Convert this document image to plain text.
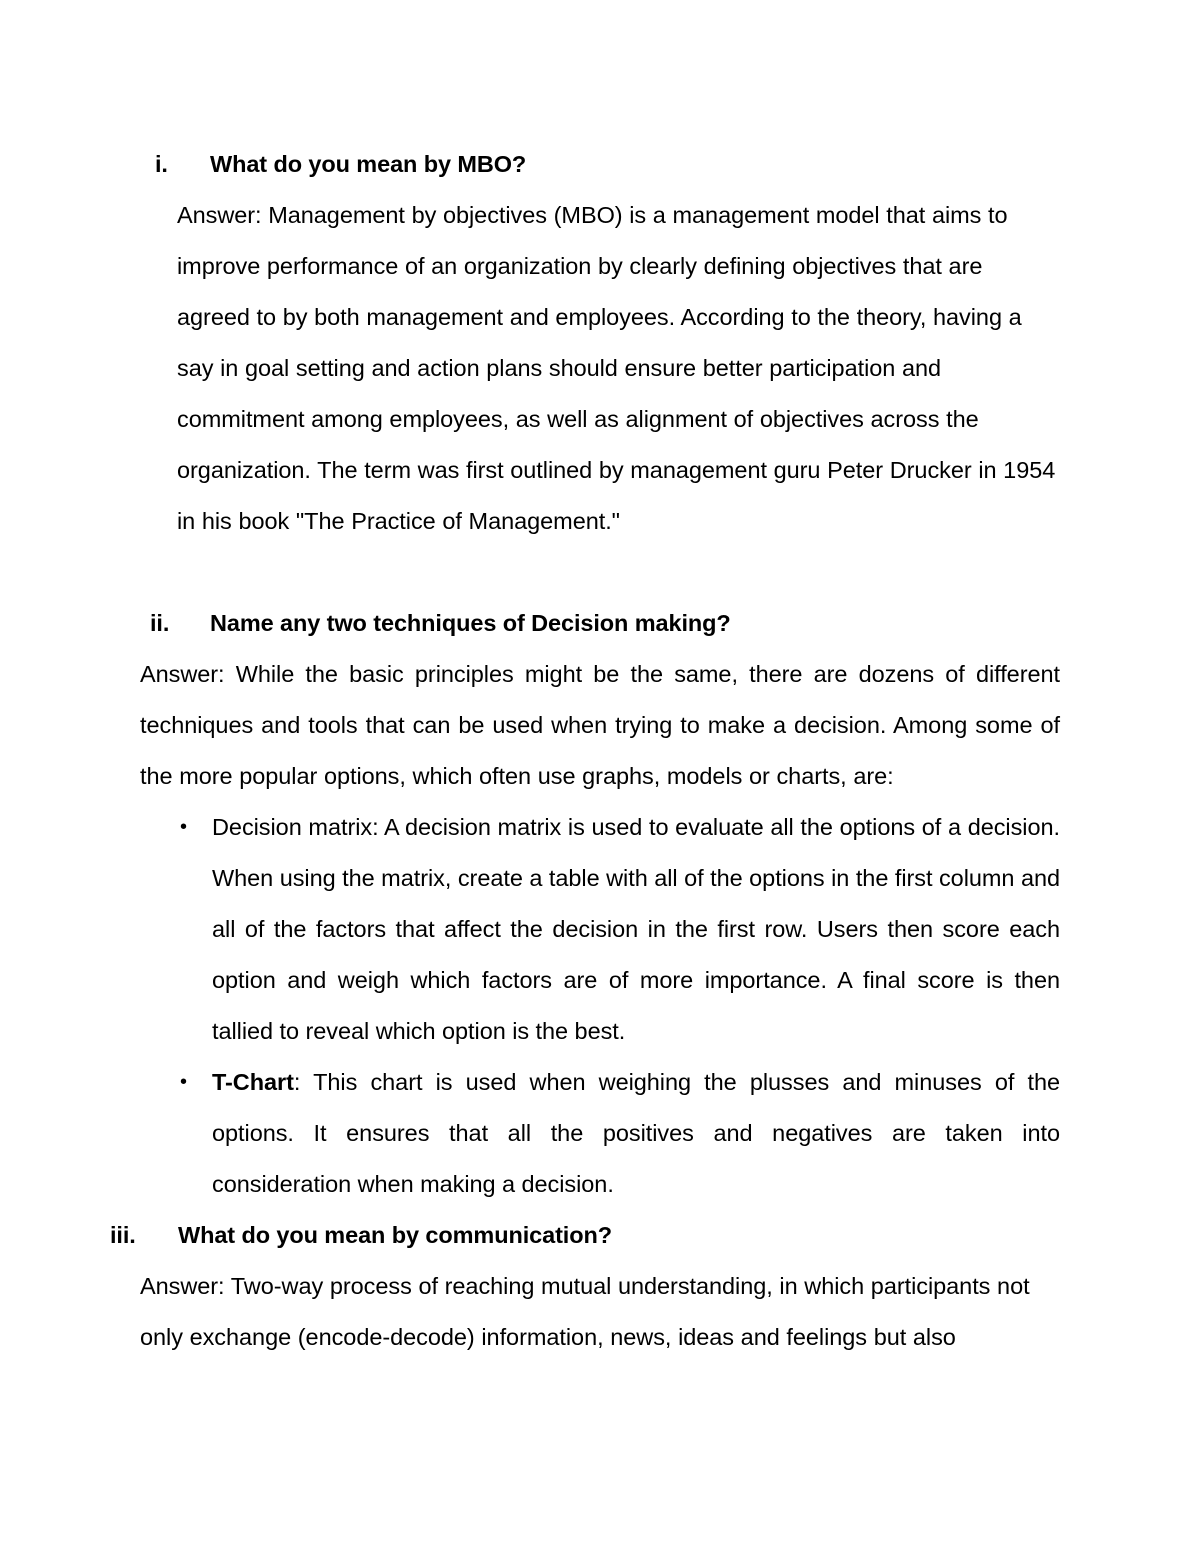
i. What do you mean by MBO?
Answer: Management by objectives (MBO) is a management model that aims to improve performance of an organization by clearly defining objectives that are agreed to by both management and employees. According to the theory, having a say in goal setting and action plans should ensure better participation and commitment among employees, as well as alignment of objectives across the organization. The term was first outlined by management guru Peter Drucker in 1954 in his book "The Practice of Management."
ii. Name any two techniques of Decision making?
Answer: While the basic principles might be the same, there are dozens of different techniques and tools that can be used when trying to make a decision. Among some of the more popular options, which often use graphs, models or charts, are:
• Decision matrix: A decision matrix is used to evaluate all the options of a decision. When using the matrix, create a table with all of the options in the first column and all of the factors that affect the decision in the first row. Users then score each option and weigh which factors are of more importance. A final score is then tallied to reveal which option is the best.
• T-Chart: This chart is used when weighing the plusses and minuses of the options. It ensures that all the positives and negatives are taken into consideration when making a decision.
iii. What do you mean by communication?
Answer: Two-way process of reaching mutual understanding, in which participants not only exchange (encode-decode) information, news, ideas and feelings but also
